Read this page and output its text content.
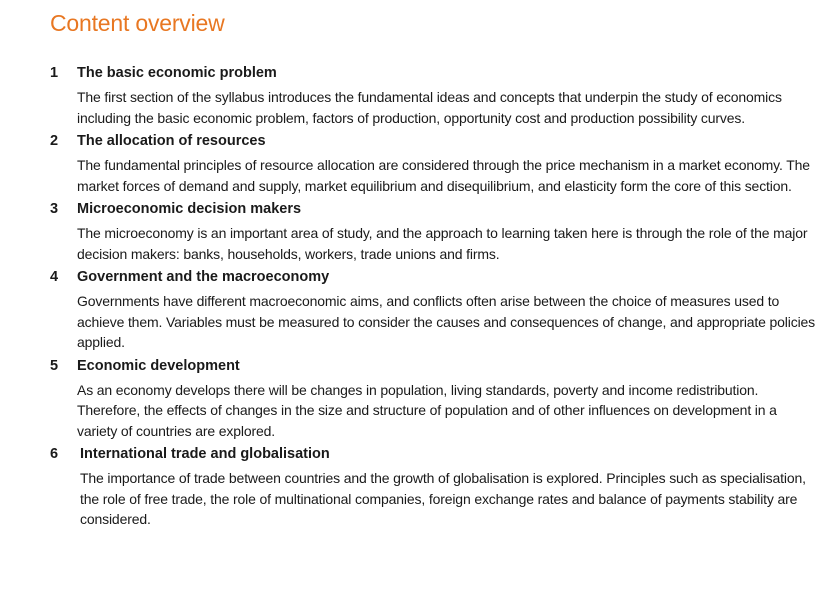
Content overview
1 The basic economic problem

The first section of the syllabus introduces the fundamental ideas and concepts that underpin the study of economics including the basic economic problem, factors of production, opportunity cost and production possibility curves.

2 The allocation of resources

The fundamental principles of resource allocation are considered through the price mechanism in a market economy. The market forces of demand and supply, market equilibrium and disequilibrium, and elasticity form the core of this section.

3 Microeconomic decision makers

The microeconomy is an important area of study, and the approach to learning taken here is through the role of the major decision makers: banks, households, workers, trade unions and firms.

4 Government and the macroeconomy

Governments have different macroeconomic aims, and conflicts often arise between the choice of measures used to achieve them. Variables must be measured to consider the causes and consequences of change, and appropriate policies applied.

5 Economic development

As an economy develops there will be changes in population, living standards, poverty and income redistribution. Therefore, the effects of changes in the size and structure of population and of other influences on development in a variety of countries are explored.

6 International trade and globalisation

The importance of trade between countries and the growth of globalisation is explored. Principles such as specialisation, the role of free trade, the role of multinational companies, foreign exchange rates and balance of payments stability are considered.
